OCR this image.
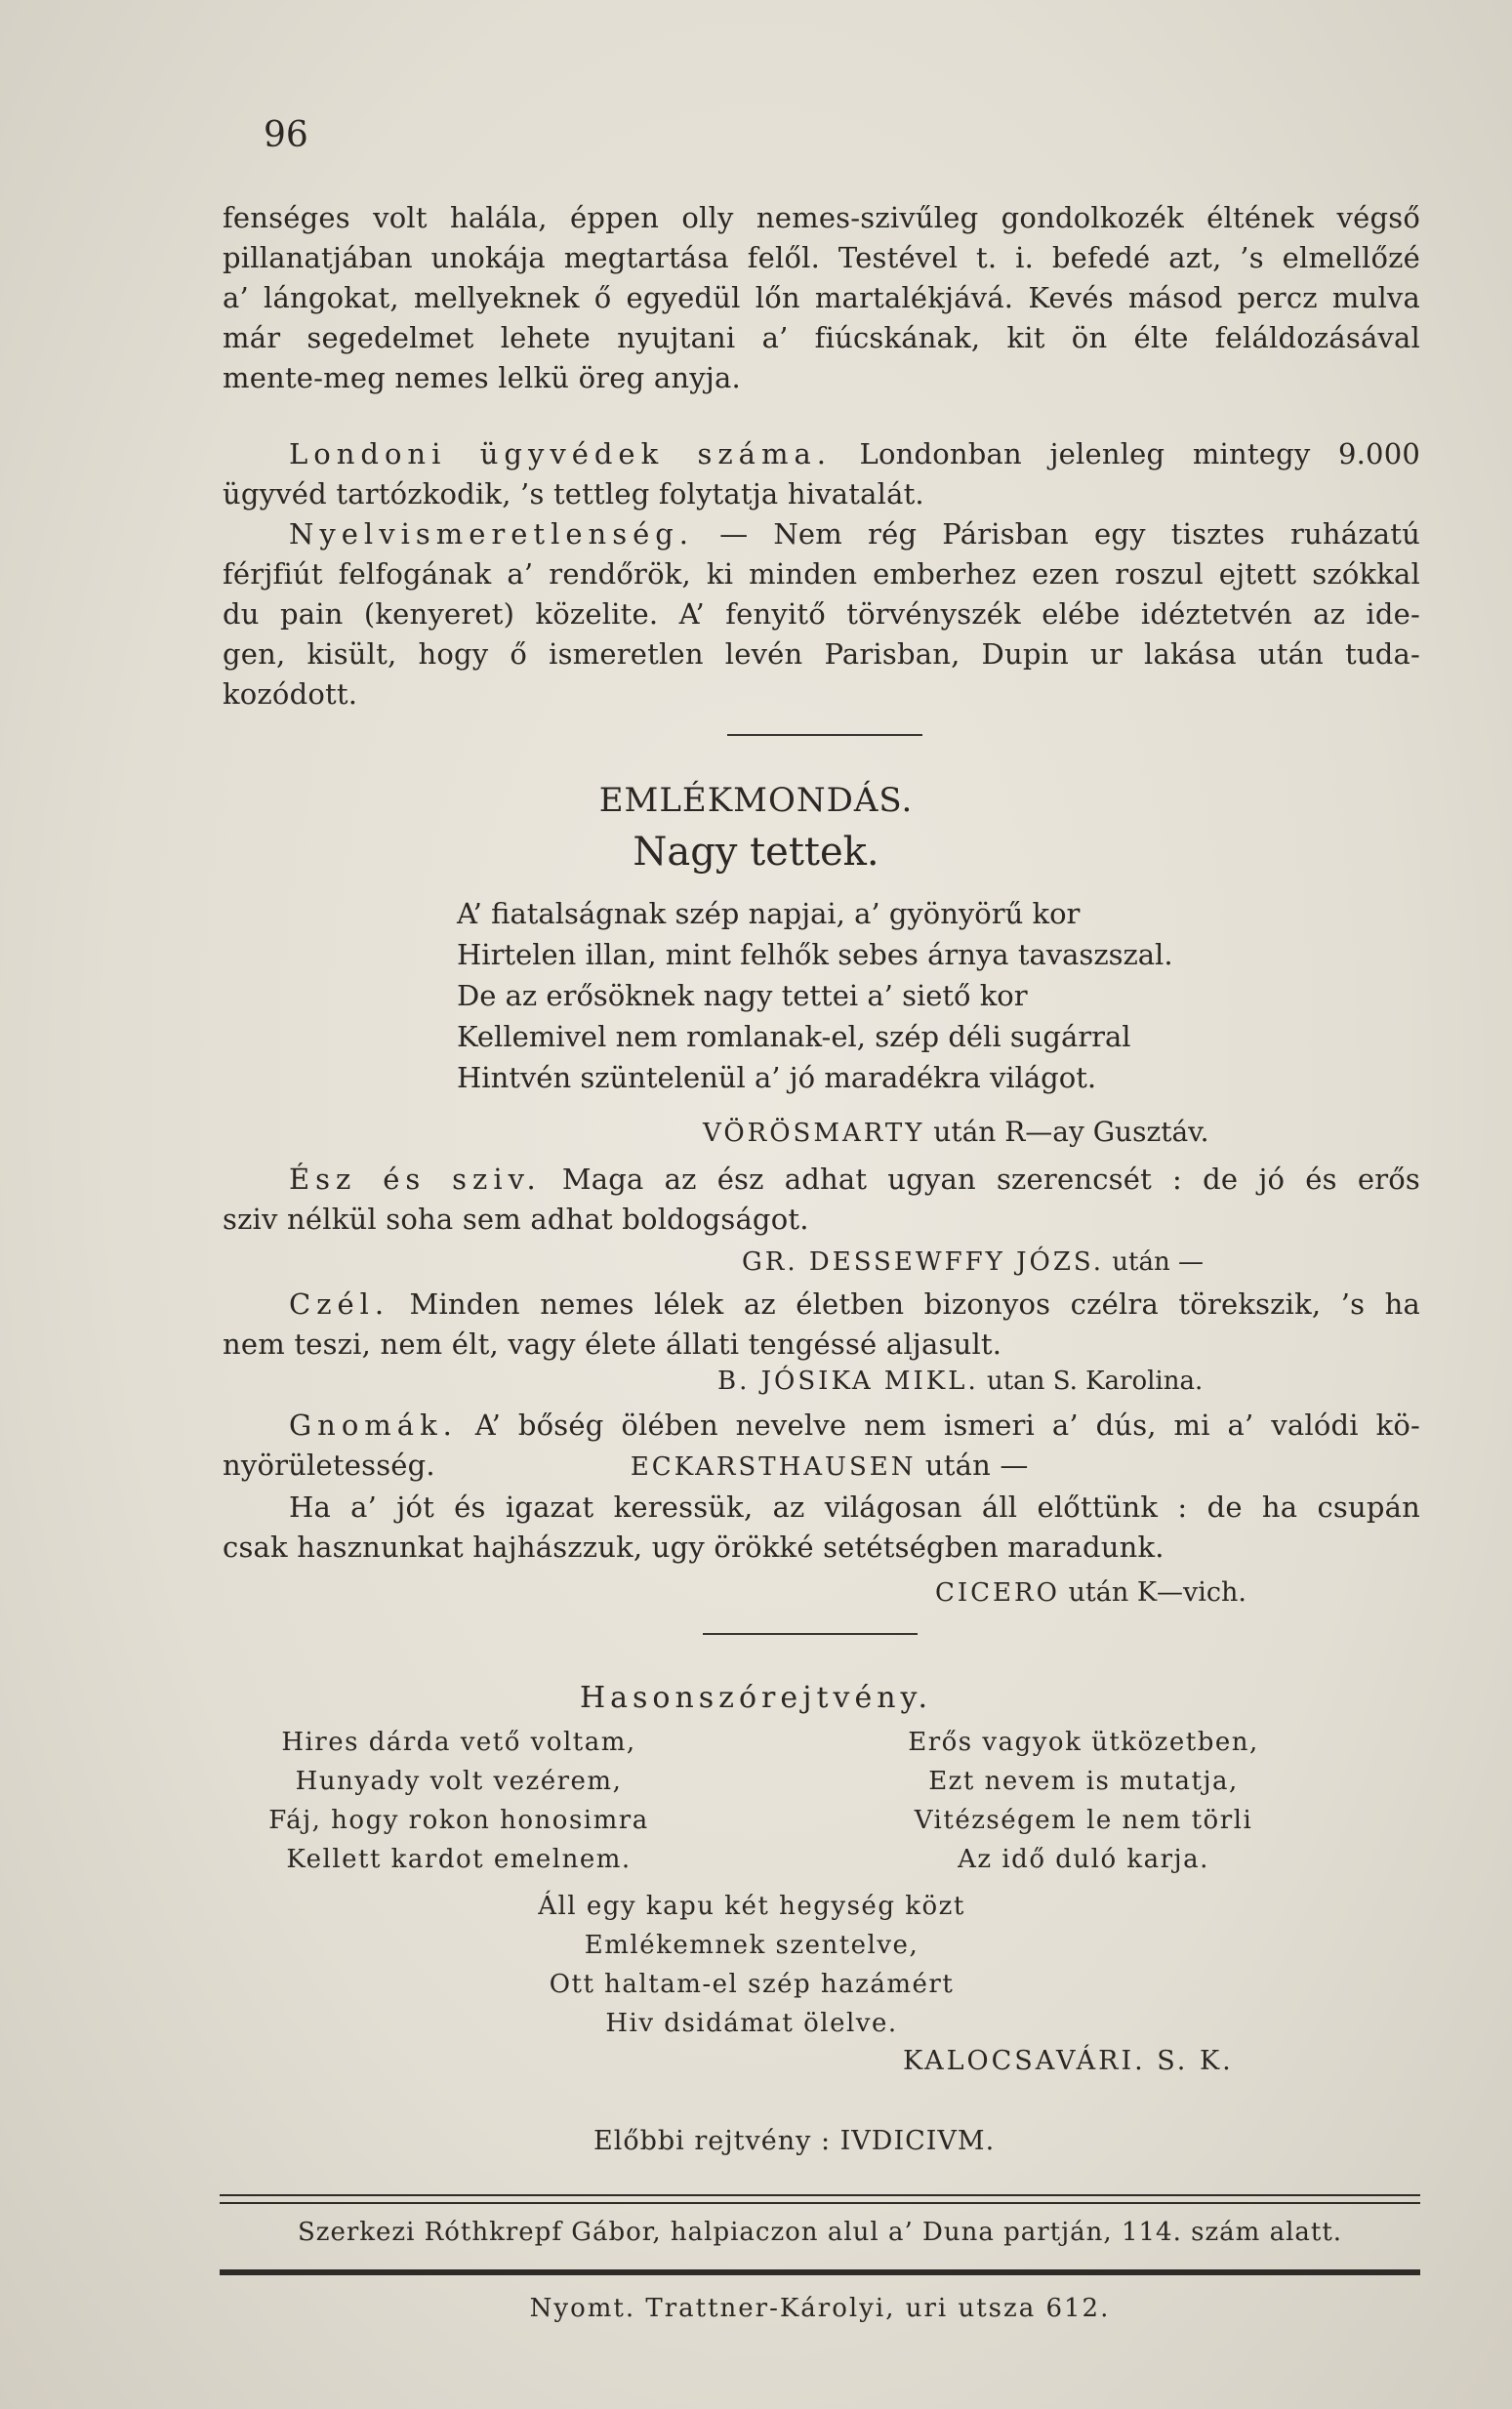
96
fenséges volt halála, éppen olly nemes-szivűleg gondolkozék éltének végső
pillanatjában unokája megtartása felől. Testével t. i. befedé azt, ’s elmellőzé
a’ lángokat, mellyeknek ő egyedül lőn martalékjává. Kevés másod percz mulva
már segedelmet lehete nyujtani a’ fiúcskának, kit ön élte feláldozásával
mente-meg nemes lelkü öreg anyja.
Londoni ügyvédek száma. Londonban jelenleg mintegy 9.000
ügyvéd tartózkodik, ’s tettleg folytatja hivatalát.
Nyelvismeretlenség. — Nem rég Párisban egy tisztes ruházatú
férjfiút felfogának a’ rendőrök, ki minden emberhez ezen roszul ejtett szókkal
du pain (kenyeret) közelite. A’ fenyitő törvényszék elébe idéztetvén az ide-
gen, kisült, hogy ő ismeretlen levén Parisban, Dupin ur lakása után tuda-
kozódott.
EMLÉKMONDÁS.
Nagy tettek.
A’ fiatalságnak szép napjai, a’ gyönyörű kor
Hirtelen illan, mint felhők sebes árnya tavaszszal.
De az erősöknek nagy tettei a’ siető kor
Kellemivel nem romlanak-el, szép déli sugárral
Hintvén szüntelenül a’ jó maradékra világot.
VÖRÖSMARTY után R—ay Gusztáv.
Ész és sziv. Maga az ész adhat ugyan szerencsét : de jó és erős
sziv nélkül soha sem adhat boldogságot.
GR. DESSEWFFY JÓZS. után —
Czél. Minden nemes lélek az életben bizonyos czélra törekszik, ’s ha
nem teszi, nem élt, vagy élete állati tengéssé aljasult.
B. JÓSIKA MIKL. utan S. Karolina.
Gnomák. A’ bőség ölében nevelve nem ismeri a’ dús, mi a’ valódi kö-
nyörületesség.	ECKARSTHAUSEN után —
Ha a’ jót és igazat keressük, az világosan áll előttünk : de ha csupán
csak hasznunkat hajhászzuk, ugy örökké setétségben maradunk.
CICERO után K—vich.
Hasonszórejtvény.
Hires dárda vető voltam,
Hunyady volt vezérem,
Fáj, hogy rokon honosimra
Kellett kardot emelnem.
Erős vagyok ütközetben,
Ezt nevem is mutatja,
Vitézségem le nem törli
Az idő duló karja.
Áll egy kapu két hegység közt
Emlékemnek szentelve,
Ott haltam-el szép hazámért
Hiv dsidámat ölelve.
KALOCSAVÁRI. S. K.
Előbbi rejtvény : IVDICIVM.
Szerkezi Róthkrepf Gábor, halpiaczon alul a’ Duna partján, 114. szám alatt.
Nyomt. Trattner-Károlyi, uri utsza 612.
